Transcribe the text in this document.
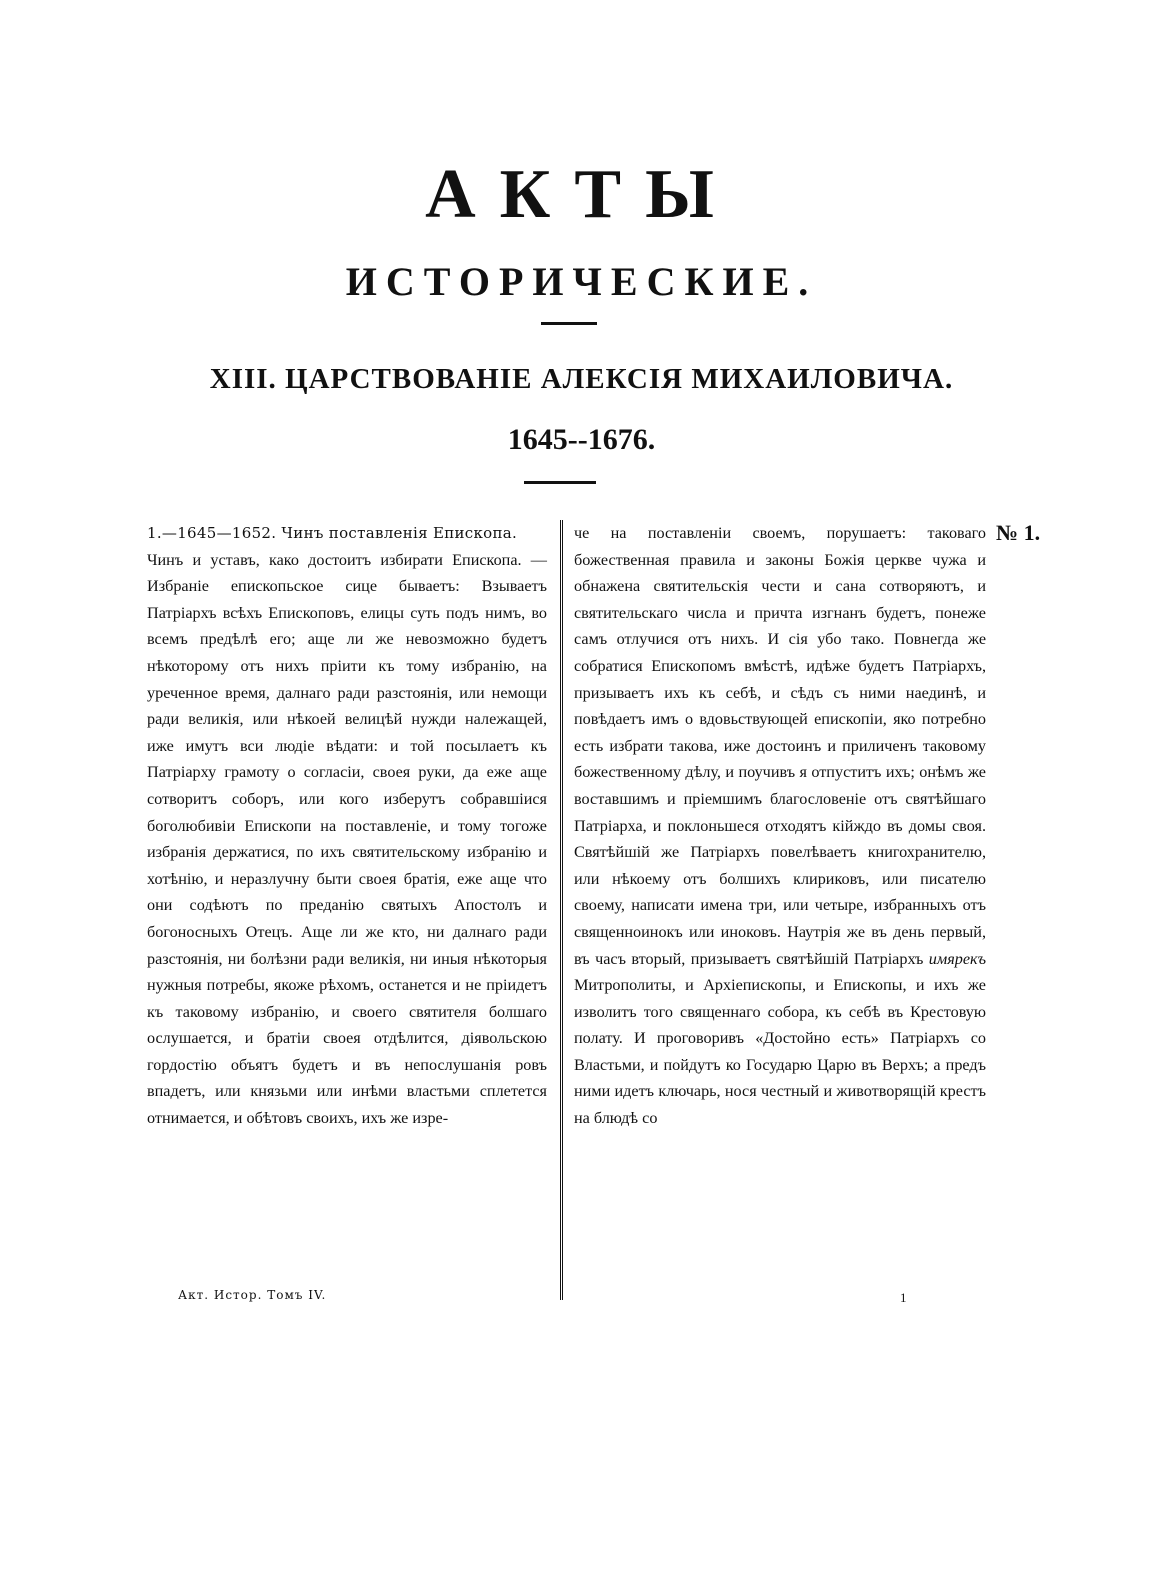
АКТЫ
ИСТОРИЧЕСКИЕ.
XIII. ЦАРСТВОВАНІЕ АЛЕКСІЯ МИХАИЛОВИЧА.
1645--1676.

1.—1645—1652. Чинъ поставленія Епископа.

Чинъ и уставъ, како достоитъ избирати Епископа. — Избраніе епископьское сице бываетъ: Взываетъ Патріархъ всѣхъ Епископовъ, елицы суть подъ нимъ, во всемъ предѣлѣ его; аще ли же невозможно будетъ нѣкоторому отъ нихъ пріити къ тому избранію, на уреченное время, далнаго ради разстоянія, или немощи ради великія, или нѣкоей велицѣй нужди належащей, иже имутъ вси людіе вѣдати: и той посылаетъ къ Патріарху грамоту о согласіи, своея руки, да еже аще сотворитъ соборъ, или кого изберутъ собравшіися боголюбивіи Епископи на поставленіе, и тому тогоже избранія держатися, по ихъ святительскому избранію и хотѣнію, и неразлучну быти своея братія, еже аще что они содѣютъ по преданію святыхъ Апостолъ и богоносныхъ Отецъ. Аще ли же кто, ни далнаго ради разстоянія, ни болѣзни ради великія, ни иныя нѣкоторыя нужныя потребы, якоже рѣхомъ, останется и не пріидетъ къ таковому избранію, и своего святителя болшаго ослушается, и братіи своея отдѣлится, діявольскою гордостію объятъ будетъ и въ непослушанія ровъ впадетъ, или князьми или инѣми властьми сплетется отнимается, и обѣтовъ своихъ, ихъ же изре-

че на поставленіи своемъ, порушаетъ: таковаго божественная правила и законы Божія церкве чужа и обнажена святительскія чести и сана сотворяютъ, и святительскаго числа и причта изгнанъ будетъ, понеже самъ отлучися отъ нихъ. И сія убо тако. Повнегда же собратися Епископомъ вмѣстѣ, идѣже будетъ Патріархъ, призываетъ ихъ къ себѣ, и сѣдъ съ ними наединѣ, и повѣдаетъ имъ о вдовьствующей епископіи, яко потребно есть избрати такова, иже достоинъ и приличенъ таковому божественному дѣлу, и поучивъ я отпуститъ ихъ; онѣмъ же воставшимъ и пріемшимъ благословеніе отъ святѣйшаго Патріарха, и поклоньшеся отходятъ кійждо въ домы своя. Святѣйшій же Патріархъ повелѣваетъ книгохранителю, или нѣкоему отъ болшихъ клириковъ, или писателю своему, написати имена три, или четыре, избранныхъ отъ священноинокъ или иноковъ. Наутрія же въ день первый, въ часъ вторый, призываетъ святѣйшій Патріархъ имярекъ Митрополиты, и Архіепископы, и Епископы, и ихъ же изволитъ того священнаго собора, къ себѣ въ Крестовую полату. И проговоривъ «Достойно есть» Патріархъ со Властьми, и пойдутъ ко Государю Царю въ Верхъ; а предъ ними идетъ ключарь, нося честный и животворящій крестъ на блюдѣ со

№ 1.
Акт. Истор. Томъ IV.	1
